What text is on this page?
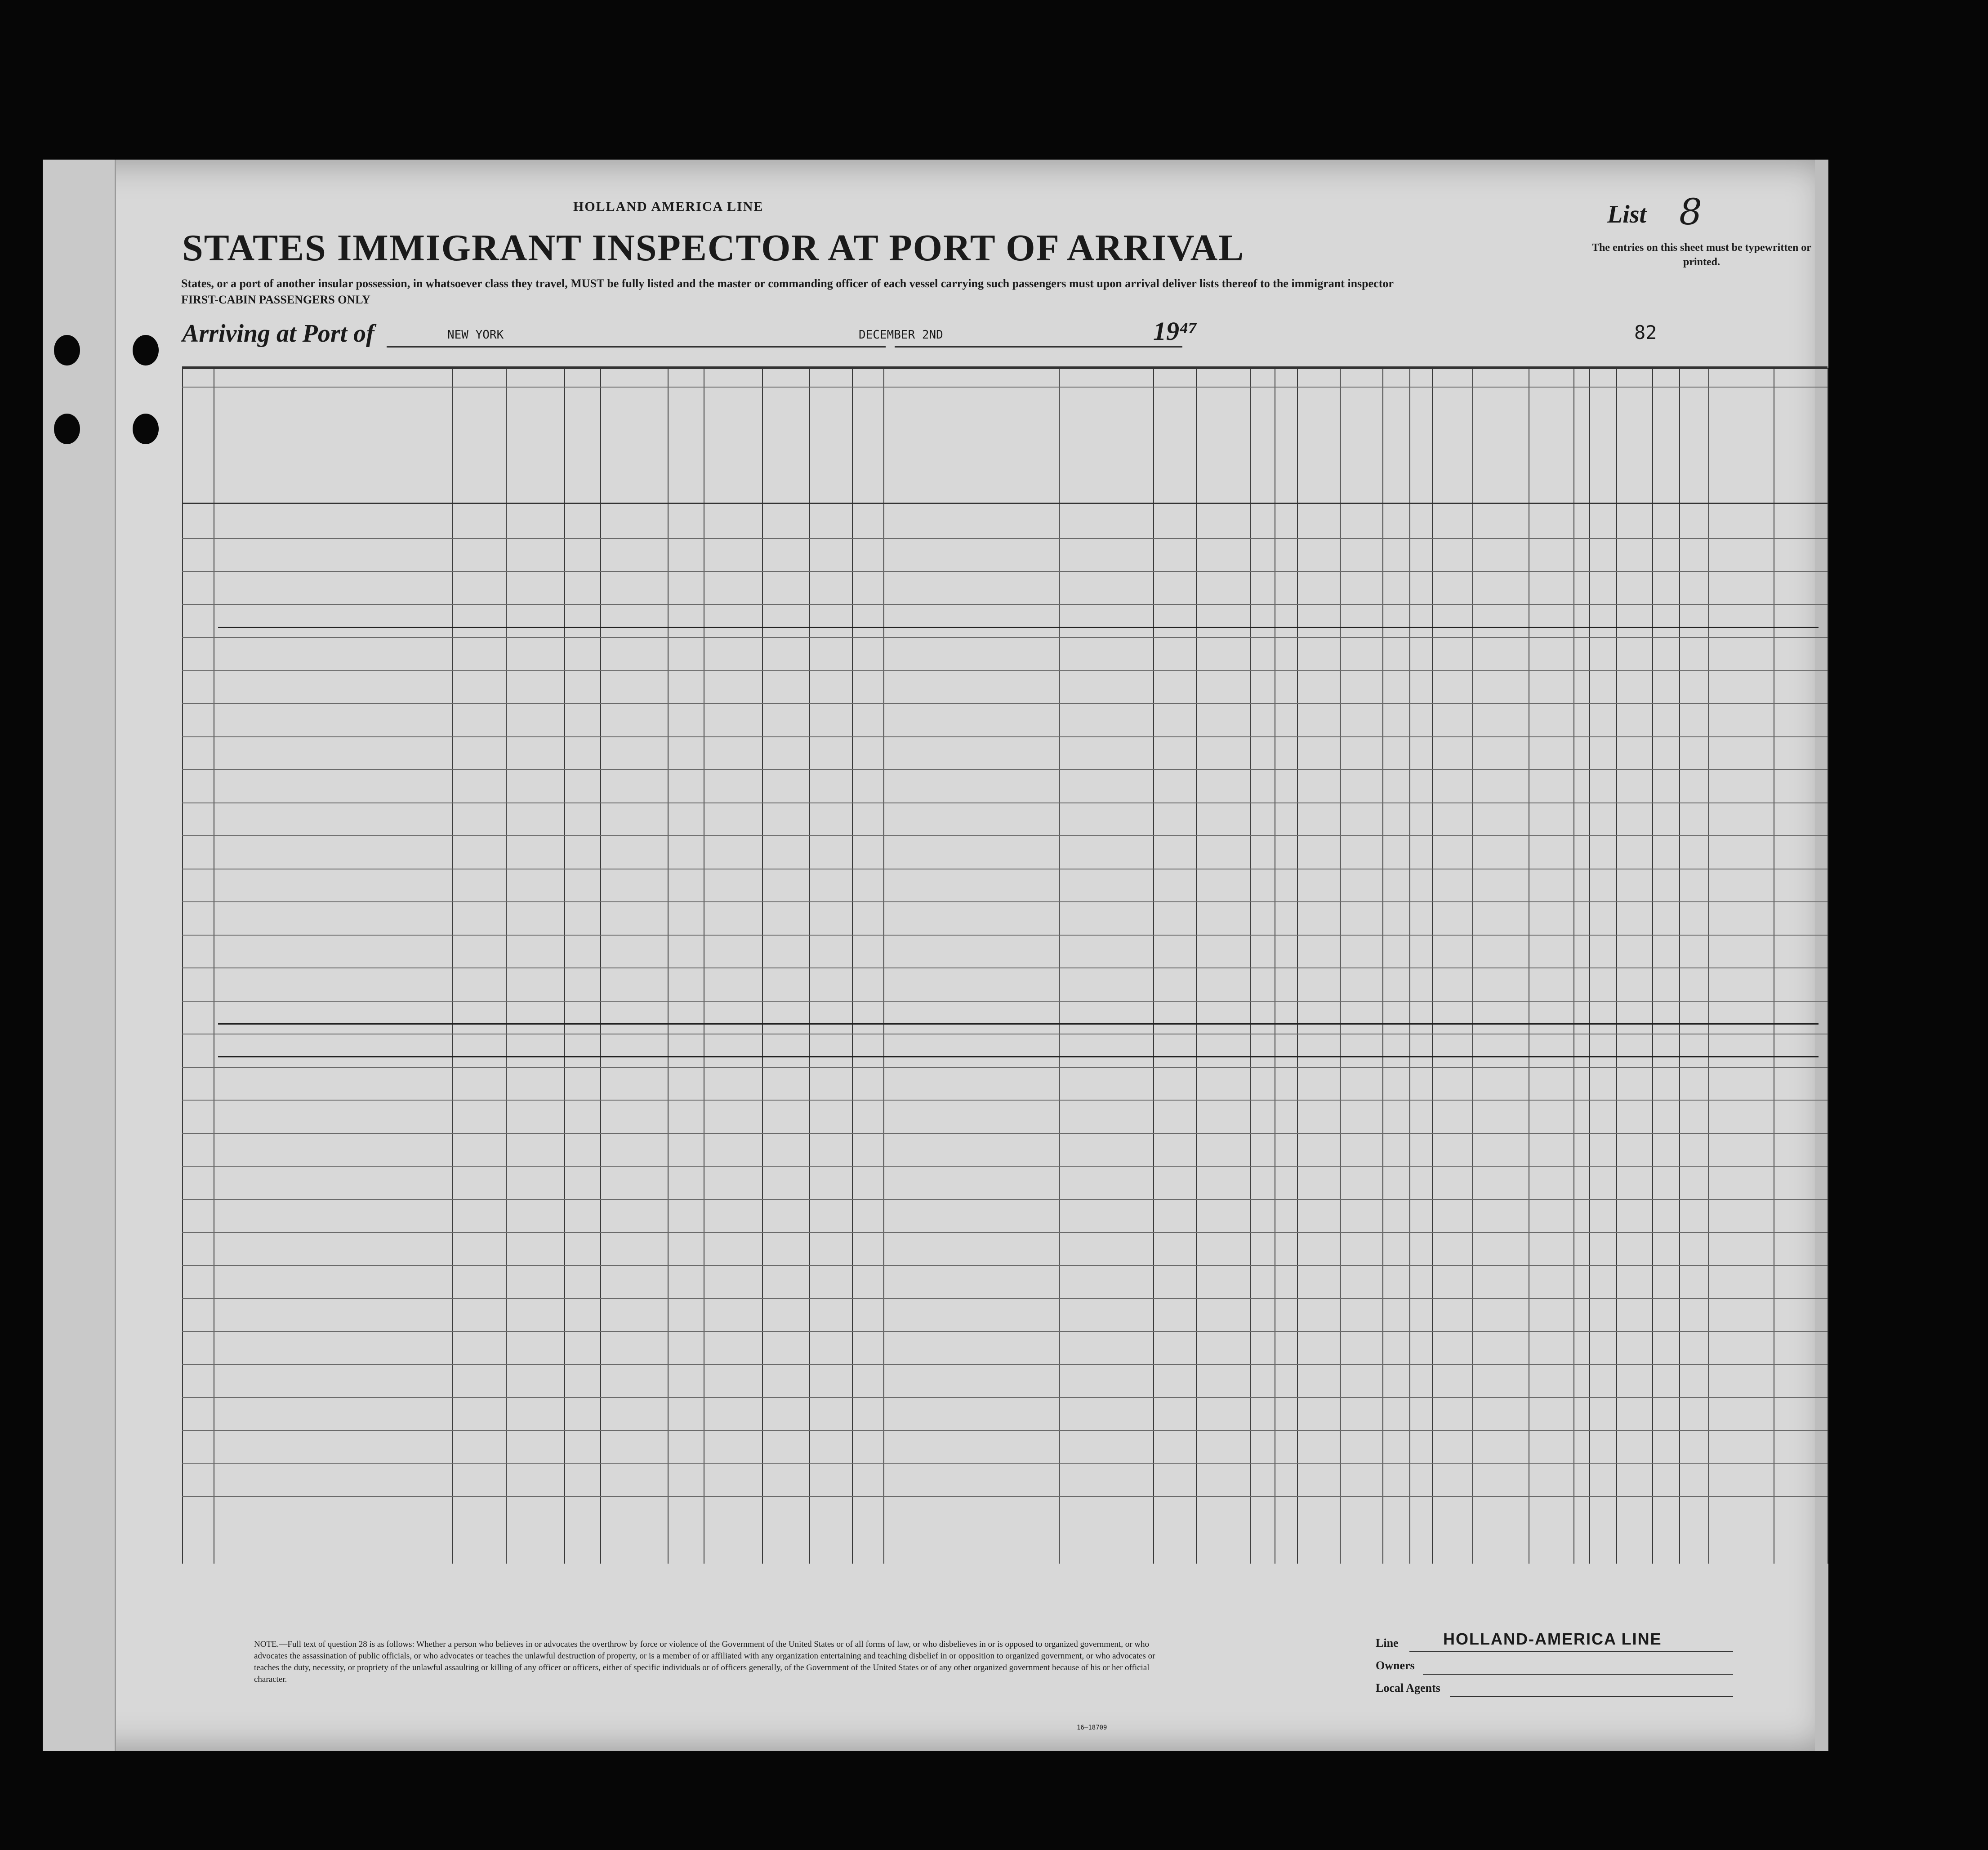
HOLLAND AMERICA LINE
STATES IMMIGRANT INSPECTOR AT PORT OF ARRIVAL
States, or a port of another insular possession, in whatsoever class they travel, MUST be fully listed and the master or commanding officer of each vessel carrying such passengers must upon arrival deliver lists thereof to the immigrant inspector
FIRST-CABIN PASSENGERS ONLY
List 8
The entries on this sheet must be typewritten or printed.
Arriving at Port of	NEW YORK	DECEMBER 2ND	19⁴⁷	82
NOTE.—Full text of question 28 is as follows: Whether a person who believes in or advocates the overthrow by force or violence of the Government of the United States or of all forms of law, or who disbelieves in or is opposed to organized government, or who advocates the assassination of public officials, or who advocates or teaches the unlawful destruction of property, or is a member of or affiliated with any organization entertaining and teaching disbelief in or opposition to organized government, or who advocates or teaches the duty, necessity, or propriety of the unlawful assaulting or killing of any officer or officers, either of specific individuals or of officers generally, of the Government of the United States or of any other organized government because of his or her official character.
Line	HOLLAND-AMERICA LINE
Owners
Local Agents
16—18709
